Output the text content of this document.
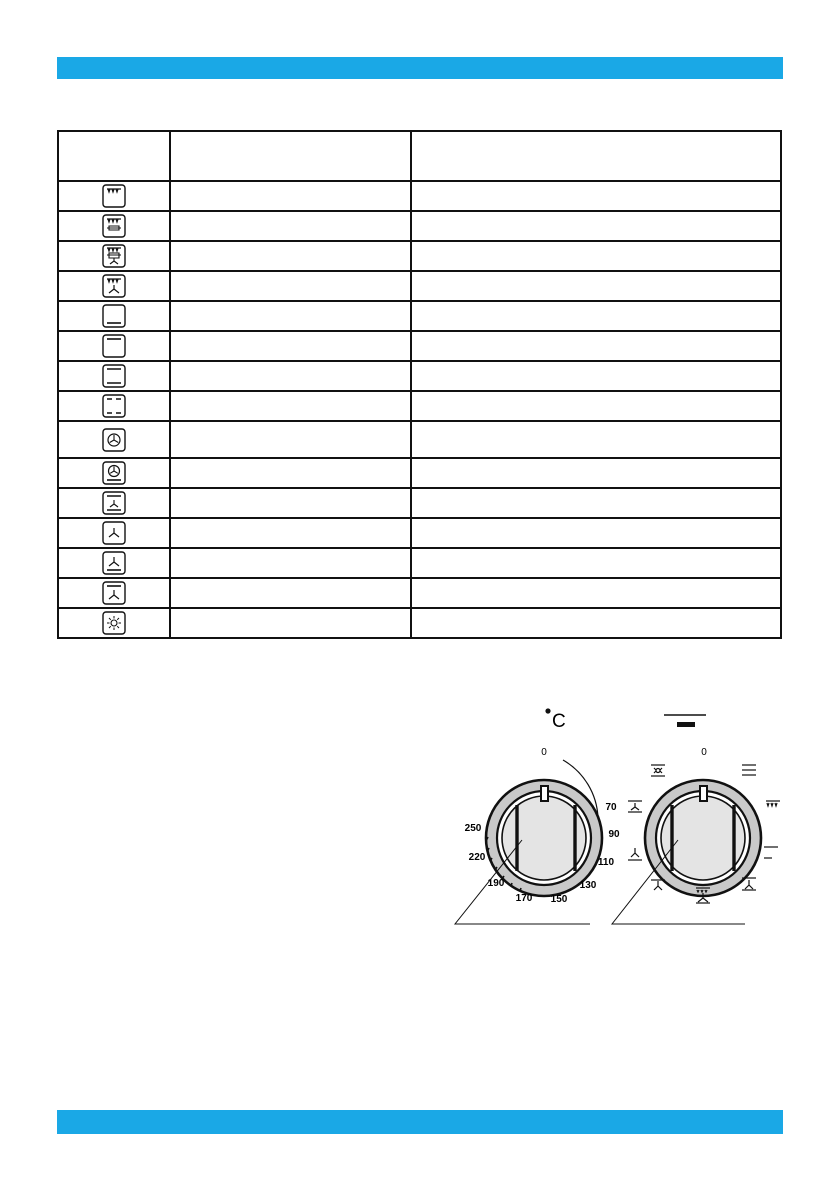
C
0
70
90
110
130
150
170
190
220
250
0
